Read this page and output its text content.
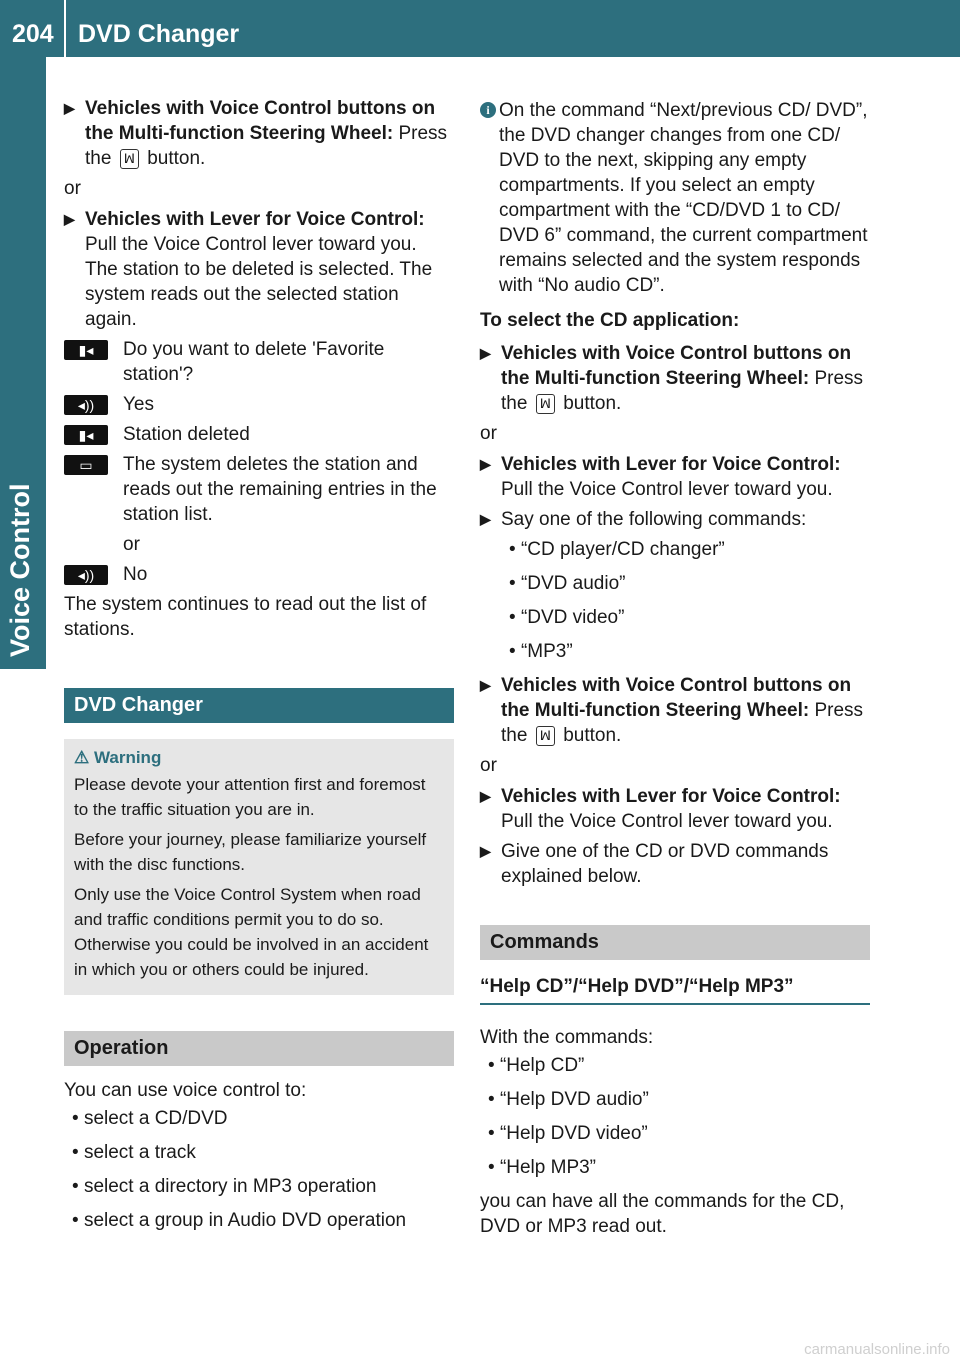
204 DVD Changer
Voice Control
▶ Vehicles with Voice Control buttons on the Multi-function Steering Wheel: Press the ꟽ button.
or
▶ Vehicles with Lever for Voice Control: Pull the Voice Control lever toward you. The station to be deleted is selected. The system reads out the selected station again.
▮◂	Do you want to delete 'Favorite station'?
◂))	Yes
▮◂	Station deleted
▭	The system deletes the station and reads out the remaining entries in the station list.
or
◂))	No
The system continues to read out the list of stations.
DVD Changer
⚠ Warning

Please devote your attention first and foremost to the traffic situation you are in.

Before your journey, please familiarize yourself with the disc functions.

Only use the Voice Control System when road and traffic conditions permit you to do so. Otherwise you could be involved in an accident in which you or others could be injured.

Operation
You can use voice control to:
• select a CD/DVD
• select a track
• select a directory in MP3 operation
• select a group in Audio DVD operation
i On the command “Next/previous CD/ DVD”, the DVD changer changes from one CD/ DVD to the next, skipping any empty compartments. If you select an empty compartment with the “CD/DVD 1 to CD/ DVD 6” command, the current compartment remains selected and the system responds with “No audio CD”.
To select the CD application:
▶ Vehicles with Voice Control buttons on the Multi-function Steering Wheel: Press the ꟽ button.
or
▶ Vehicles with Lever for Voice Control: Pull the Voice Control lever toward you.
▶ Say one of the following commands:
• “CD player/CD changer”
• “DVD audio”
• “DVD video”
• “MP3”
▶ Vehicles with Voice Control buttons on the Multi-function Steering Wheel: Press the ꟽ button.
or
▶ Vehicles with Lever for Voice Control: Pull the Voice Control lever toward you.
▶ Give one of the CD or DVD commands explained below.
Commands
“Help CD”/“Help DVD”/“Help MP3”
With the commands:
• “Help CD”
• “Help DVD audio”
• “Help DVD video”
• “Help MP3”
you can have all the commands for the CD, DVD or MP3 read out.
carmanualsonline.info
